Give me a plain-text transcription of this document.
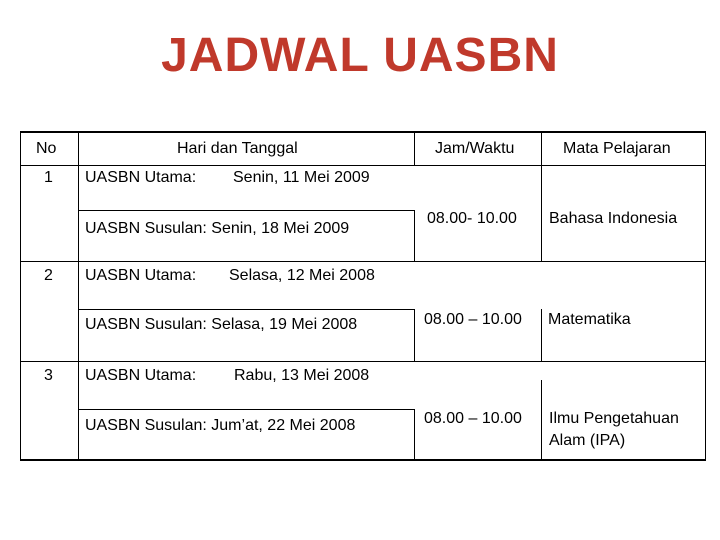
JADWAL UASBN
No	Hari dan Tanggal	Jam/Waktu	Mata Pelajaran
1 UASBN Utama: Senin, 11 Mei 2009
UASBN Susulan: Senin, 18 Mei 2009
08.00- 10.00 Bahasa Indonesia
2 UASBN Utama: Selasa, 12 Mei 2008
UASBN Susulan: Selasa, 19 Mei 2008	08.00 – 10.00 Matematika
3 UASBN Utama: Rabu, 13 Mei 2008
UASBN Susulan: Jum’at, 22 Mei 2008	08.00 – 10.00 Ilmu Pengetahuan
Alam (IPA)
